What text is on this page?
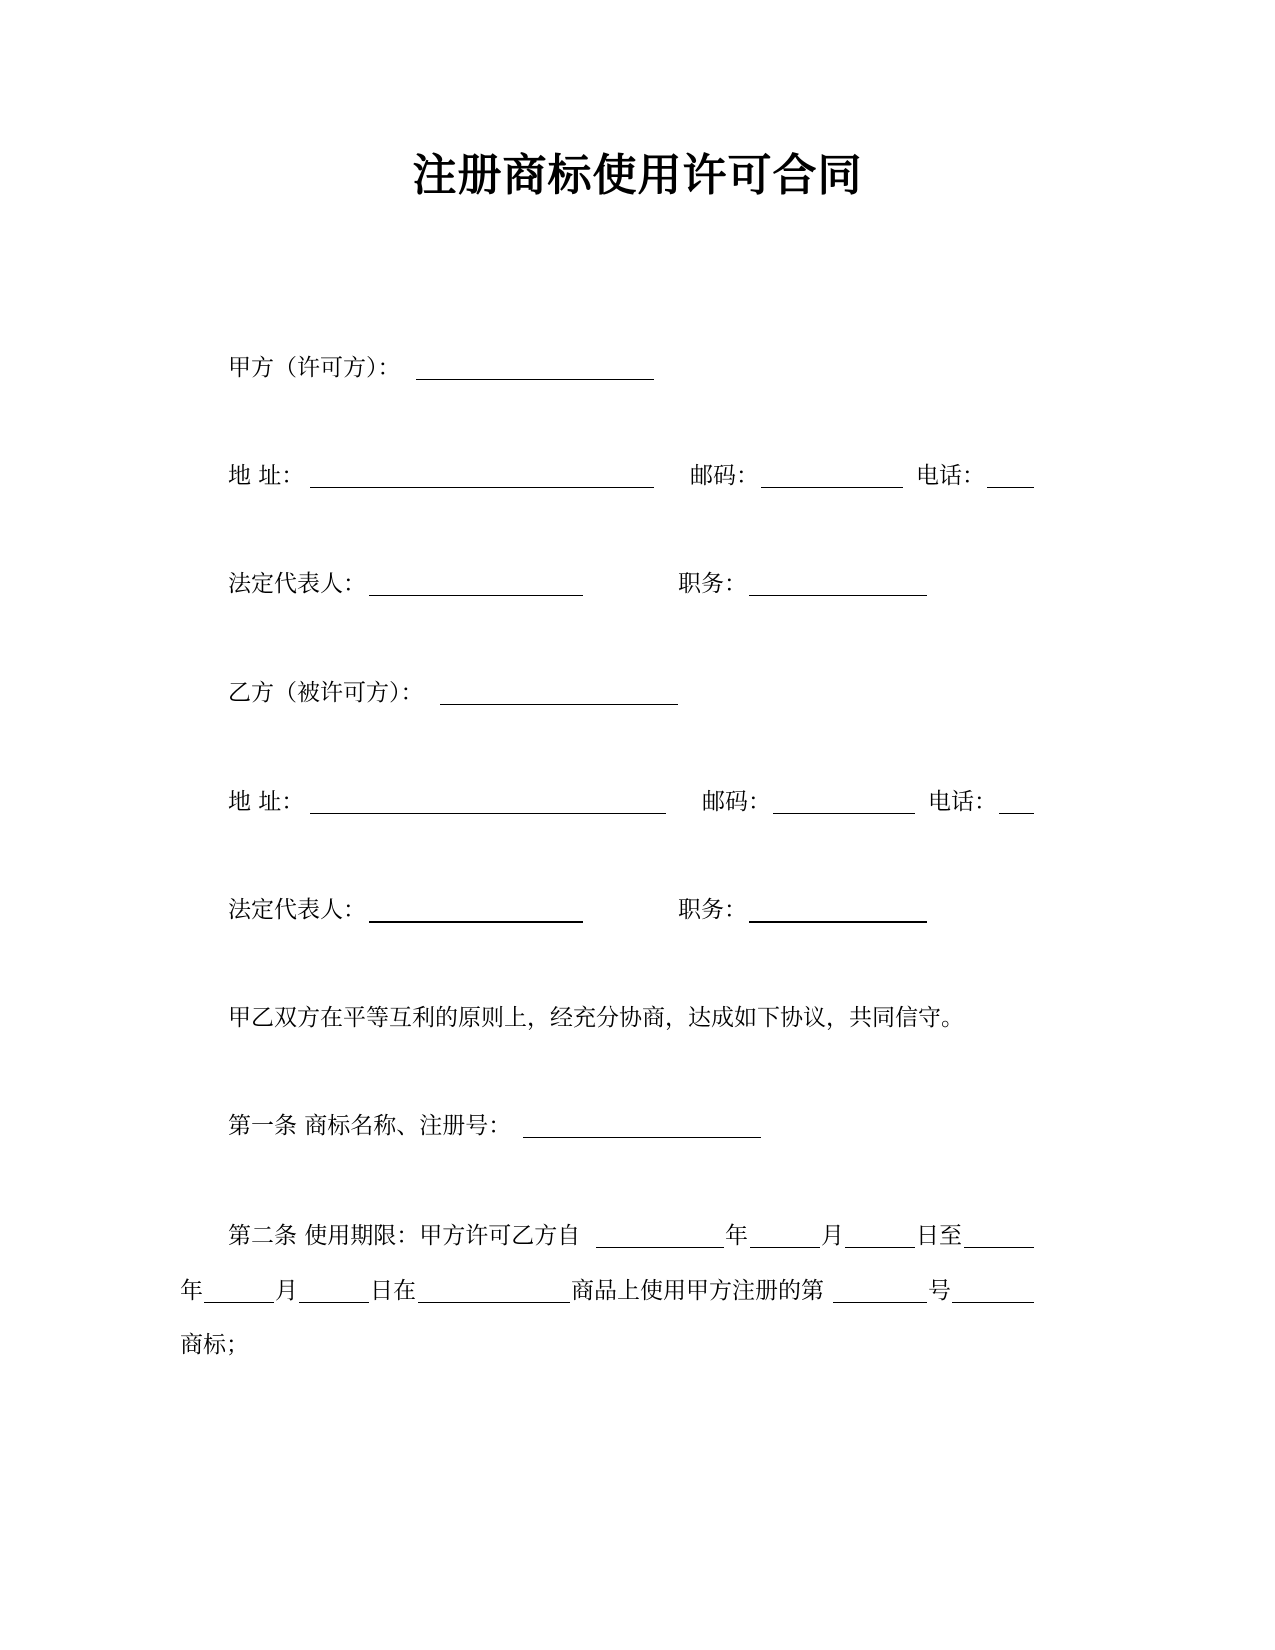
注册商标使用许可合同
甲方（许可方）：
地 址：	邮码：	电话：
法定代表人：	职务：
乙方（被许可方）：
地 址：	邮码：	电话：
法定代表人：	职务：
甲乙双方在平等互利的原则上，经充分协商，达成如下协议，共同信守。
第一条 商标名称、注册号：
第二条 使用期限：甲方许可乙方自	年	月	日至
年	月	日在	商品上使用甲方注册的第	号
商标；
